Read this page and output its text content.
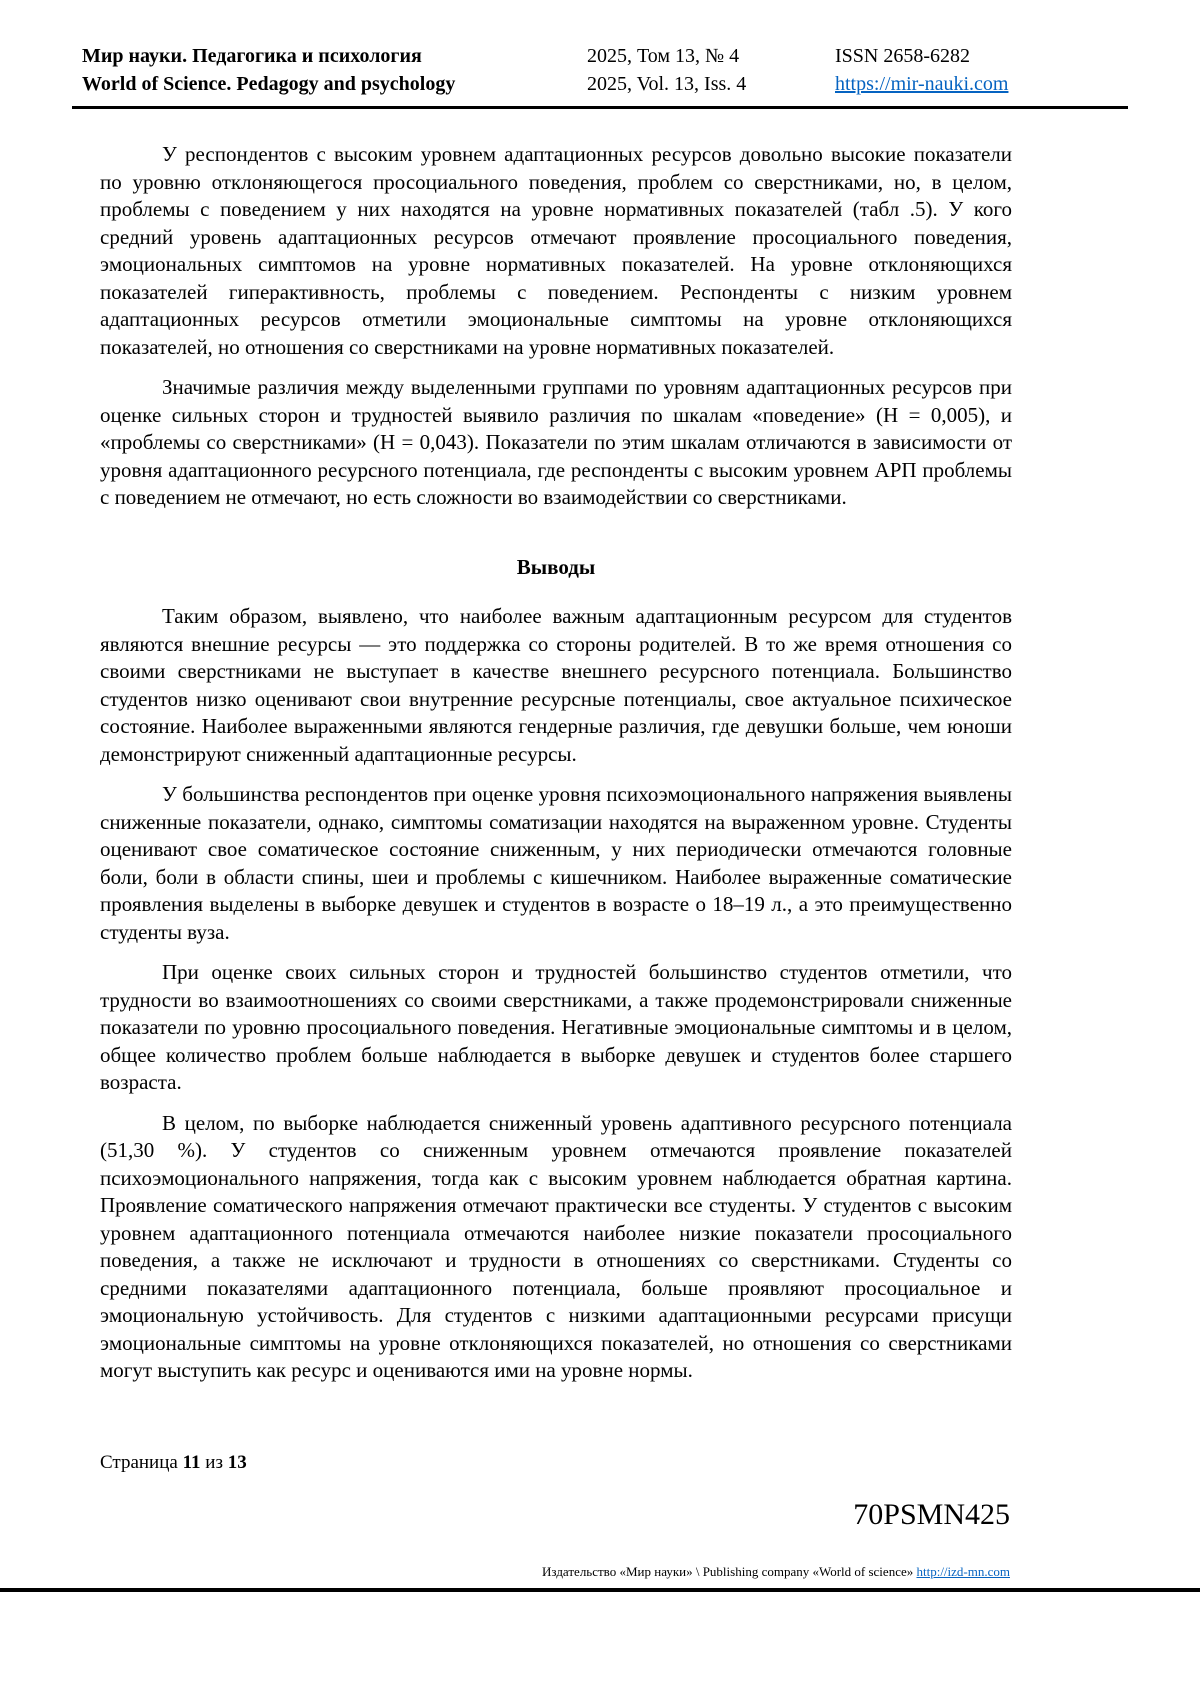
Мир науки. Педагогика и психология
World of Science. Pedagogy and psychology
2025, Том 13, № 4
2025, Vol. 13, Iss. 4
ISSN 2658-6282
https://mir-nauki.com

У респондентов с высоким уровнем адаптационных ресурсов довольно высокие показатели по уровню отклоняющегося просоциального поведения, проблем со сверстниками, но, в целом, проблемы с поведением у них находятся на уровне нормативных показателей (табл .5). У кого средний уровень адаптационных ресурсов отмечают проявление просоциального поведения, эмоциональных симптомов на уровне нормативных показателей. На уровне отклоняющихся показателей гиперактивность, проблемы с поведением. Респонденты с низким уровнем адаптационных ресурсов отметили эмоциональные симптомы на уровне отклоняющихся показателей, но отношения со сверстниками на уровне нормативных показателей.

Значимые различия между выделенными группами по уровням адаптационных ресурсов при оценке сильных сторон и трудностей выявило различия по шкалам «поведение» (Н = 0,005), и «проблемы со сверстниками» (Н = 0,043). Показатели по этим шкалам отличаются в зависимости от уровня адаптационного ресурсного потенциала, где респонденты с высоким уровнем АРП проблемы с поведением не отмечают, но есть сложности во взаимодействии со сверстниками.

Выводы

Таким образом, выявлено, что наиболее важным адаптационным ресурсом для студентов являются внешние ресурсы — это поддержка со стороны родителей. В то же время отношения со своими сверстниками не выступает в качестве внешнего ресурсного потенциала. Большинство студентов низко оценивают свои внутренние ресурсные потенциалы, свое актуальное психическое состояние. Наиболее выраженными являются гендерные различия, где девушки больше, чем юноши демонстрируют сниженный адаптационные ресурсы.

У большинства респондентов при оценке уровня психоэмоционального напряжения выявлены сниженные показатели, однако, симптомы соматизации находятся на выраженном уровне. Студенты оценивают свое соматическое состояние сниженным, у них периодически отмечаются головные боли, боли в области спины, шеи и проблемы с кишечником. Наиболее выраженные соматические проявления выделены в выборке девушек и студентов в возрасте о 18–19 л., а это преимущественно студенты вуза.

При оценке своих сильных сторон и трудностей большинство студентов отметили, что трудности во взаимоотношениях со своими сверстниками, а также продемонстрировали сниженные показатели по уровню просоциального поведения. Негативные эмоциональные симптомы и в целом, общее количество проблем больше наблюдается в выборке девушек и студентов более старшего возраста.

В целом, по выборке наблюдается сниженный уровень адаптивного ресурсного потенциала (51,30 %). У студентов со сниженным уровнем отмечаются проявление показателей психоэмоционального напряжения, тогда как с высоким уровнем наблюдается обратная картина. Проявление соматического напряжения отмечают практически все студенты. У студентов с высоким уровнем адаптационного потенциала отмечаются наиболее низкие показатели просоциального поведения, а также не исключают и трудности в отношениях со сверстниками. Студенты со средними показателями адаптационного потенциала, больше проявляют просоциальное и эмоциональную устойчивость. Для студентов с низкими адаптационными ресурсами присущи эмоциональные симптомы на уровне отклоняющихся показателей, но отношения со сверстниками могут выступить как ресурс и оцениваются ими на уровне нормы.

Страница 11 из 13
70PSMN425
Издательство «Мир науки» \ Publishing company «World of science» http://izd-mn.com
